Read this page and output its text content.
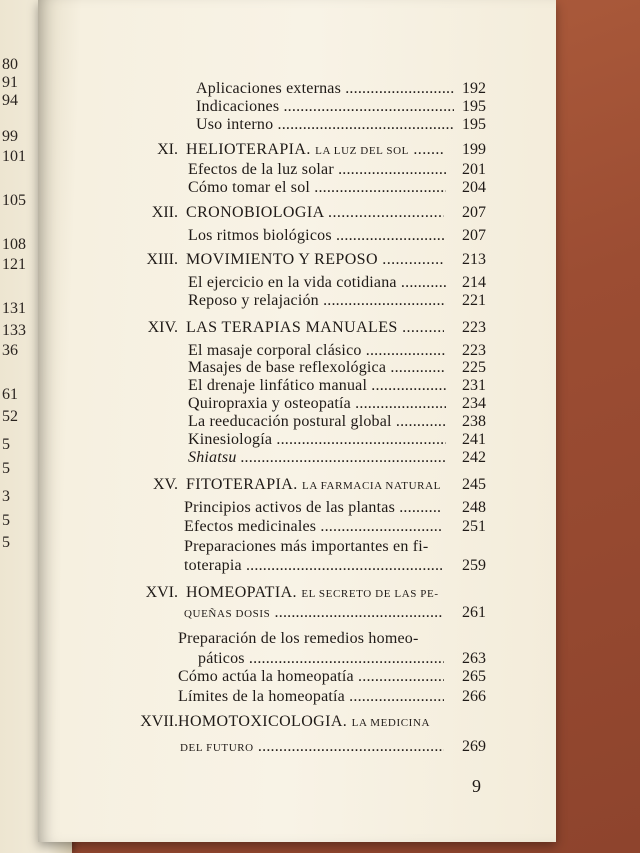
80
91
94
99
101
105
108
121
131
133
36
61
52
5
5
3
5
5
Aplicaciones externas .....	192
Indicaciones .....	195
Uso interno .....	195
XI. HELIOTERAPIA. LA LUZ DEL SOL .....	199
Efectos de la luz solar .....	201
Cómo tomar el sol .....	204
XII. CRONOBIOLOGIA .....	207
Los ritmos biológicos .....	207
XIII. MOVIMIENTO Y REPOSO .....	213
El ejercicio en la vida cotidiana .....	214
Reposo y relajación .....	221
XIV. LAS TERAPIAS MANUALES .....	223
El masaje corporal clásico .....	223
Masajes de base reflexológica .....	225
El drenaje linfático manual .....	231
Quiropraxia y osteopatía .....	234
La reeducación postural global .....	238
Kinesiología .....	241
Shiatsu .....	242
XV. FITOTERAPIA. LA FARMACIA NATURAL .....	245
Principios activos de las plantas .....	248
Efectos medicinales .....	251
Preparaciones más importantes en fi-
toterapia .....	259
XVI. HOMEOPATIA. EL SECRETO DE LAS PE-
QUEÑAS DOSIS .....	261
Preparación de los remedios homeo-
páticos .....	263
Cómo actúa la homeopatía .....	265
Límites de la homeopatía .....	266
XVII. HOMOTOXICOLOGIA. LA MEDICINA
DEL FUTURO .....	269
9
